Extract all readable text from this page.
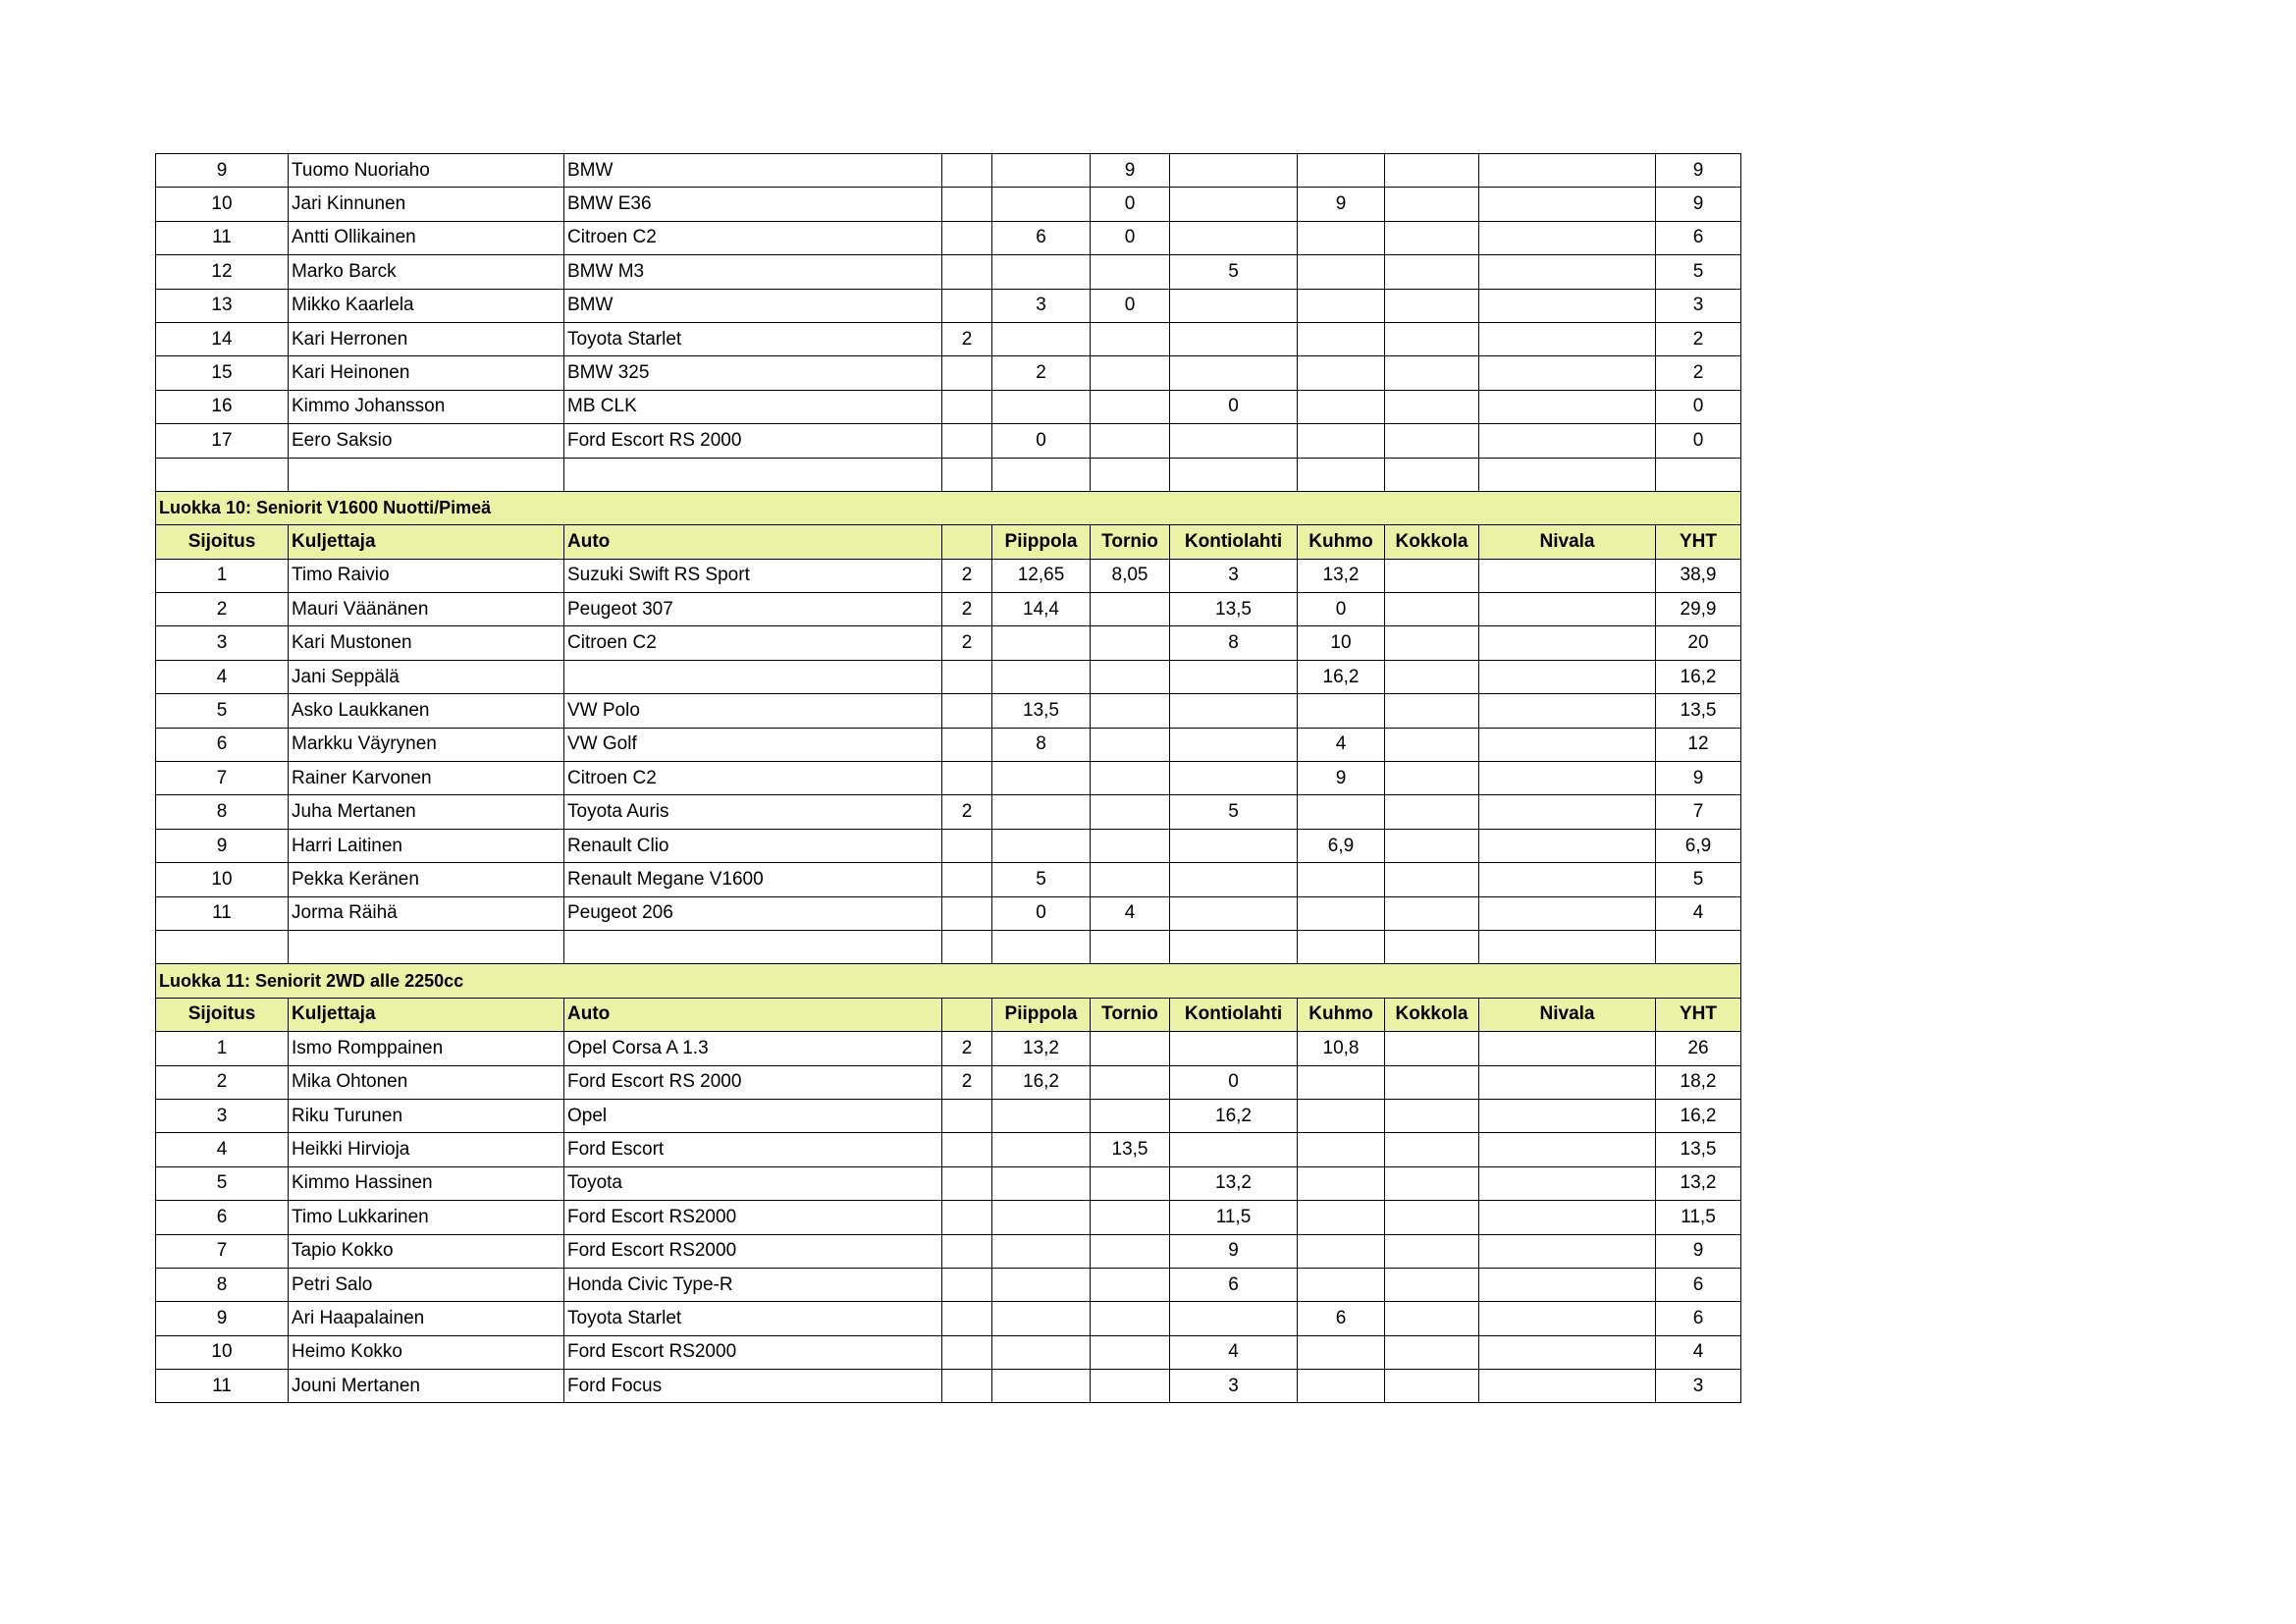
9	Tuomo Nuoriaho	BMW			9					9
10	Jari Kinnunen	BMW E36			0		9			9
11	Antti Ollikainen	Citroen C2		6	0					6
12	Marko Barck	BMW M3				5				5
13	Mikko Kaarlela	BMW		3	0					3
14	Kari Herronen	Toyota Starlet	2							2
15	Kari Heinonen	BMW 325		2						2
16	Kimmo Johansson	MB CLK				0				0
17	Eero Saksio	Ford Escort RS 2000		0						0

Luokka 10: Seniorit V1600 Nuotti/Pimeä										
Sijoitus	Kuljettaja	Auto		Piippola	Tornio	Kontiolahti	Kuhmo	Kokkola	Nivala	YHT
1	Timo Raivio	Suzuki Swift RS Sport	2	12,65	8,05	3	13,2			38,9
2	Mauri Väänänen	Peugeot 307	2	14,4		13,5	0			29,9
3	Kari Mustonen	Citroen C2	2			8	10			20
4	Jani Seppälä						16,2			16,2
5	Asko Laukkanen	VW Polo		13,5						13,5
6	Markku Väyrynen	VW Golf		8			4			12
7	Rainer Karvonen	Citroen C2					9			9
8	Juha Mertanen	Toyota Auris	2			5				7
9	Harri Laitinen	Renault Clio					6,9			6,9
10	Pekka Keränen	Renault Megane V1600		5						5
11	Jorma Räihä	Peugeot 206		0	4					4

Luokka 11: Seniorit 2WD alle 2250cc										
Sijoitus	Kuljettaja	Auto		Piippola	Tornio	Kontiolahti	Kuhmo	Kokkola	Nivala	YHT
1	Ismo Romppainen	Opel Corsa A 1.3	2	13,2			10,8			26
2	Mika Ohtonen	Ford Escort RS 2000	2	16,2		0				18,2
3	Riku Turunen	Opel				16,2				16,2
4	Heikki Hirvioja	Ford Escort			13,5					13,5
5	Kimmo Hassinen	Toyota				13,2				13,2
6	Timo Lukkarinen	Ford Escort RS2000				11,5				11,5
7	Tapio Kokko	Ford Escort RS2000				9				9
8	Petri Salo	Honda Civic Type-R				6				6
9	Ari Haapalainen	Toyota Starlet					6			6
10	Heimo Kokko	Ford Escort RS2000				4				4
11	Jouni Mertanen	Ford Focus				3				3
